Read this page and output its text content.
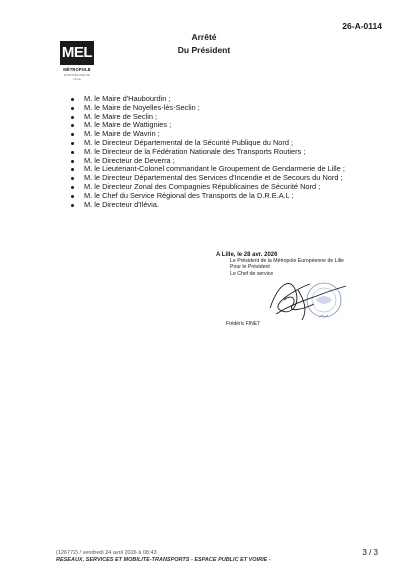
26-A-0114
Arrêté
Du Président
MEL
MÉTROPOLE
EUROPÉENNE DE LILLE
M. le Maire d'Haubourdin ;
M. le Maire de Noyelles-lès-Seclin ;
M. le Maire de Seclin ;
M. le Maire de Wattignies ;
M. le Maire de Wavrin ;
M. le Directeur Départemental de la Sécurité Publique du Nord ;
M. le Directeur de la Fédération Nationale des Transports Routiers ;
M. le Directeur de Deverra ;
M. le Lieutenant-Colonel commandant le Groupement de Gendarmerie de Lille ;
M. le Directeur Départemental des Services d'Incendie et de Secours du Nord ;
M. le Directeur Zonal des Compagnies Républicaines de Sécurité Nord ;
M. le Chef du Service Régional des Transports de la D.R.E.A.L ;
M. le Directeur d'Ilévia.
A Lille, le 28 avr. 2026
Le Président de la Métropole Européenne de Lille
Pour le Président
Le Chef de service
Frédéric FINET
(126772) / vendredi 24 avril 2026 à 08:43
RESEAUX, SERVICES ET MOBILITE-TRANSPORTS - ESPACE PUBLIC ET VOIRIE -
3 / 3
